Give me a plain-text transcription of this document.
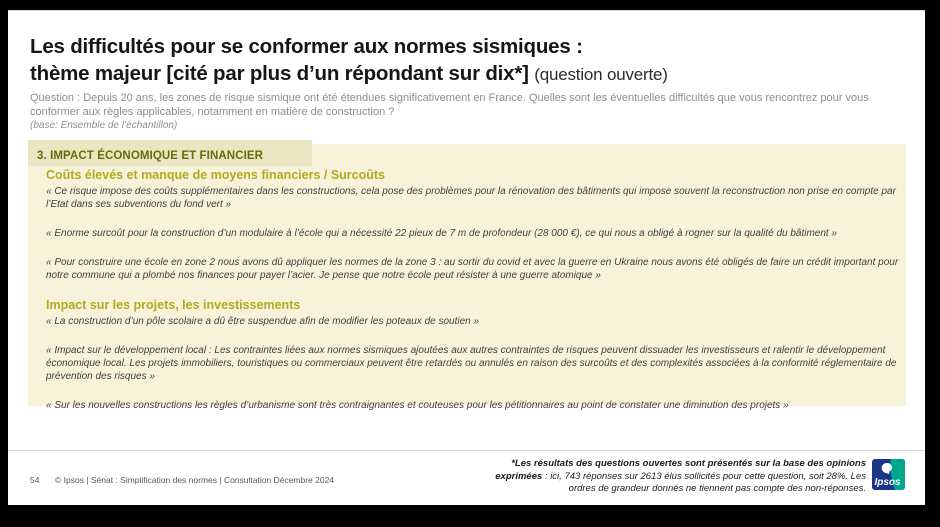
Les difficultés pour se conformer aux normes sismiques :
thème majeur [cité par plus d’un répondant sur dix*] (question ouverte)
Question : Depuis 20 ans, les zones de risque sismique ont été étendues significativement en France. Quelles sont les éventuelles difficultés que vous rencontrez pour vous conformer aux règles applicables, notamment en matière de construction ?
(base: Ensemble de l’échantillon)
Coûts élevés et manque de moyens financiers / Surcoûts
« Ce risque impose des coûts supplémentaires dans les constructions, cela pose des problèmes pour la rénovation des bâtiments qui impose souvent la reconstruction non prise en compte par l’Etat dans ses subventions du fond vert »
« Enorme surcoût pour la construction d’un modulaire à l’école qui a nécessité 22 pieux de 7 m de profondeur (28 000 €), ce qui nous a obligé à rogner sur la qualité du bâtiment »
« Pour construire une école en zone 2 nous avons dû appliquer les normes de la zone 3 : au sortir du covid et avec la guerre en Ukraine nous avons été obligés de faire un crédit important pour notre commune qui a plombé nos finances pour payer l’acier. Je pense que notre école peut résister à une guerre atomique »
Impact sur les projets, les investissements
« La construction d’un pôle scolaire a dû être suspendue afin de modifier les poteaux de soutien »
« Impact sur le développement local : Les contraintes liées aux normes sismiques ajoutées aux autres contraintes de risques peuvent dissuader les investisseurs et ralentir le développement économique local. Les projets immobiliers, touristiques ou commerciaux peuvent être retardés ou annulés en raison des surcoûts et des complexités associées à la conformité réglementaire de prévention des risques »
« Sur les nouvelles constructions les règles d’urbanisme sont très contraignantes et couteuses pour les pétitionnaires au point de constater une diminution des projets »
3. IMPACT ÉCONOMIQUE ET FINANCIER
*Les résultats des questions ouvertes sont présentés sur la base des opinions exprimées : ici, 743 réponses sur 2613 élus sollicités pour cette question, soit 28%. Les ordres de grandeur donnés ne tiennent pas compte des non-réponses.
Ipsos
54 © Ipsos | Sénat : Simplification des normes | Consultation Décembre 2024
